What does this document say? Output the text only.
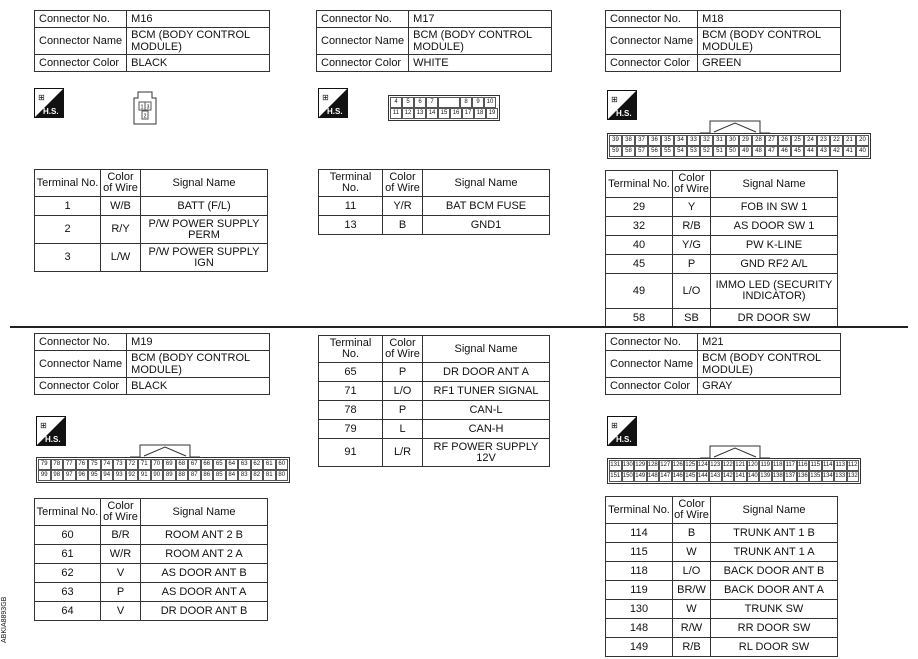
Connector No.	M16
Connector Name	BCM (BODY CONTROL MODULE)
Connector Color	BLACK
⊞
H.S.	1 3
2
Terminal No.	Color of Wire	Signal Name
1	W/B	BATT (F/L)
2	R/Y	P/W POWER SUPPLY PERM
3	L/W	P/W POWER SUPPLY IGN
Connector No.	M17
Connector Name	BCM (BODY CONTROL MODULE)
Connector Color	WHITE
⊞
H.S.
4	5	6	7	8	9	10
11 12 13 14 15 16 17 18 19
Terminal No.	Color of Wire	Signal Name
11	Y/R	BAT BCM FUSE
13	B	GND1
Connector No.	M18
Connector Name	BCM (BODY CONTROL MODULE)
Connector Color	GREEN
⊞
H.S.
39	38	37	36	35	34	33	32	31	30	29	28	27	26	25	24	23	22	21	20
59	58	57	56	55	54	53	52	51	50	49	48	47	46	45	44	43	42	41	40
Terminal No.	Color of Wire	Signal Name
29	Y	FOB IN SW 1
32	R/B	AS DOOR SW 1
40	Y/G	PW K-LINE
45	P	GND RF2 A/L
49	L/O	IMMO LED (SECURITY INDICATOR)
58	SB	DR DOOR SW
Connector No.	M19
Connector Name	BCM (BODY CONTROL MODULE)
Connector Color	BLACK
⊞
H.S.
79 78 77 76 75 74 73 72 71 70 69 68 67 66 65 64 63 62 61 60
99 98 97 96 95 94 93 92 91 90 89 88 87 86 85 84 83 82 81 80
Terminal No.	Color of Wire	Signal Name
60	B/R	ROOM ANT 2 B
61	W/R	ROOM ANT 2 A
62	V	AS DOOR ANT B
63	P	AS DOOR ANT A
64	V	DR DOOR ANT B
Terminal No.	Color of Wire	Signal Name
65	P	DR DOOR ANT A
71	L/O	RF1 TUNER SIGNAL
78	P	CAN-L
79	L	CAN-H
91	L/R	RF POWER SUPPLY 12V
Connector No.	M21
Connector Name	BCM (BODY CONTROL MODULE)
Connector Color	GRAY
⊞
H.S.
131 130 129 128 127 126 125 124 123 122 121 120 119 118 117 116 115 114 113 112
151 150 149 148 147 146 145 144 143 142 141 140 139 138 137 136 135 134 133 132
Terminal No.	Color of Wire	Signal Name
114	B	TRUNK ANT 1 B
115	W	TRUNK ANT 1 A
118	L/O	BACK DOOR ANT B
119	BR/W	BACK DOOR ANT A
130	W	TRUNK SW
148	R/W	RR DOOR SW
149	R/B	RL DOOR SW
ABKIA8893GB
